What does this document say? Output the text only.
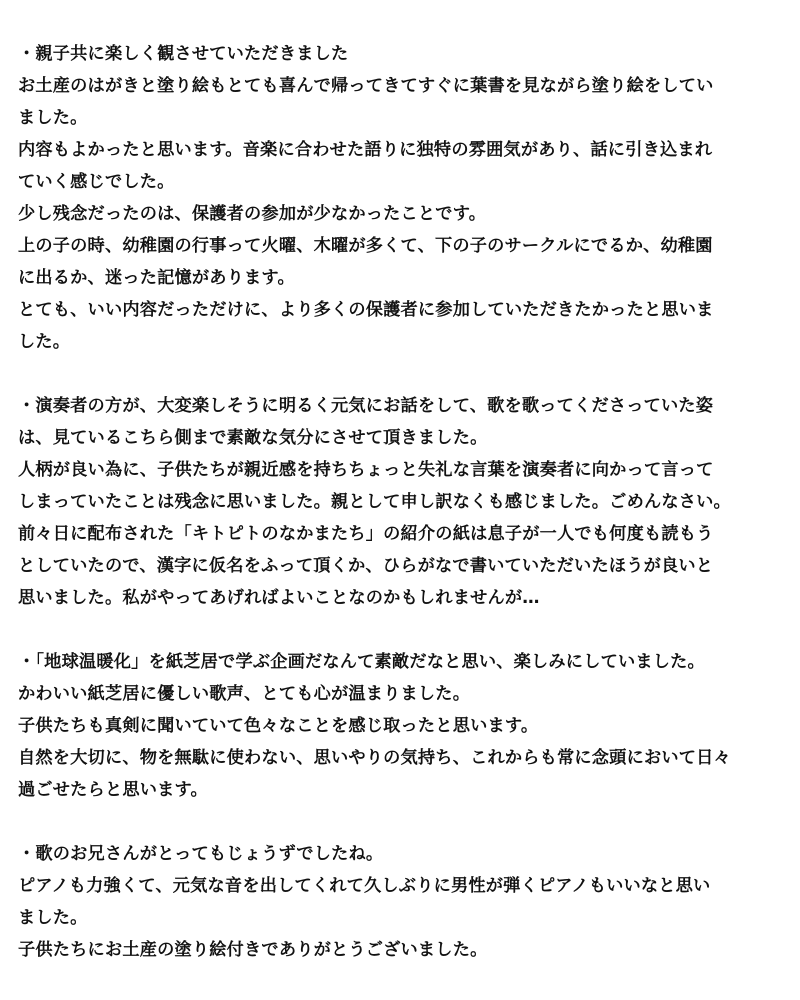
・親子共に楽しく観させていただきました
お土産のはがきと塗り絵もとても喜んで帰ってきてすぐに葉書を見ながら塗り絵をしてい
ました。
内容もよかったと思います。音楽に合わせた語りに独特の雰囲気があり、話に引き込まれ
ていく感じでした。
少し残念だったのは、保護者の参加が少なかったことです。
上の子の時、幼稚園の行事って火曜、木曜が多くて、下の子のサークルにでるか、幼稚園
に出るか、迷った記憶があります。
とても、いい内容だっただけに、より多くの保護者に参加していただきたかったと思いま
した。
・演奏者の方が、大変楽しそうに明るく元気にお話をして、歌を歌ってくださっていた姿
は、見ているこちら側まで素敵な気分にさせて頂きました。
人柄が良い為に、子供たちが親近感を持ちちょっと失礼な言葉を演奏者に向かって言って
しまっていたことは残念に思いました。親として申し訳なくも感じました。ごめんなさい。
前々日に配布された「キトピトのなかまたち」の紹介の紙は息子が一人でも何度も読もう
としていたので、漢字に仮名をふって頂くか、ひらがなで書いていただいたほうが良いと
思いました。私がやってあげればよいことなのかもしれませんが…
・「地球温暖化」を紙芝居で学ぶ企画だなんて素敵だなと思い、楽しみにしていました。
かわいい紙芝居に優しい歌声、とても心が温まりました。
子供たちも真剣に聞いていて色々なことを感じ取ったと思います。
自然を大切に、物を無駄に使わない、思いやりの気持ち、これからも常に念頭において日々
過ごせたらと思います。
・歌のお兄さんがとってもじょうずでしたね。
ピアノも力強くて、元気な音を出してくれて久しぶりに男性が弾くピアノもいいなと思い
ました。
子供たちにお土産の塗り絵付きでありがとうございました。
